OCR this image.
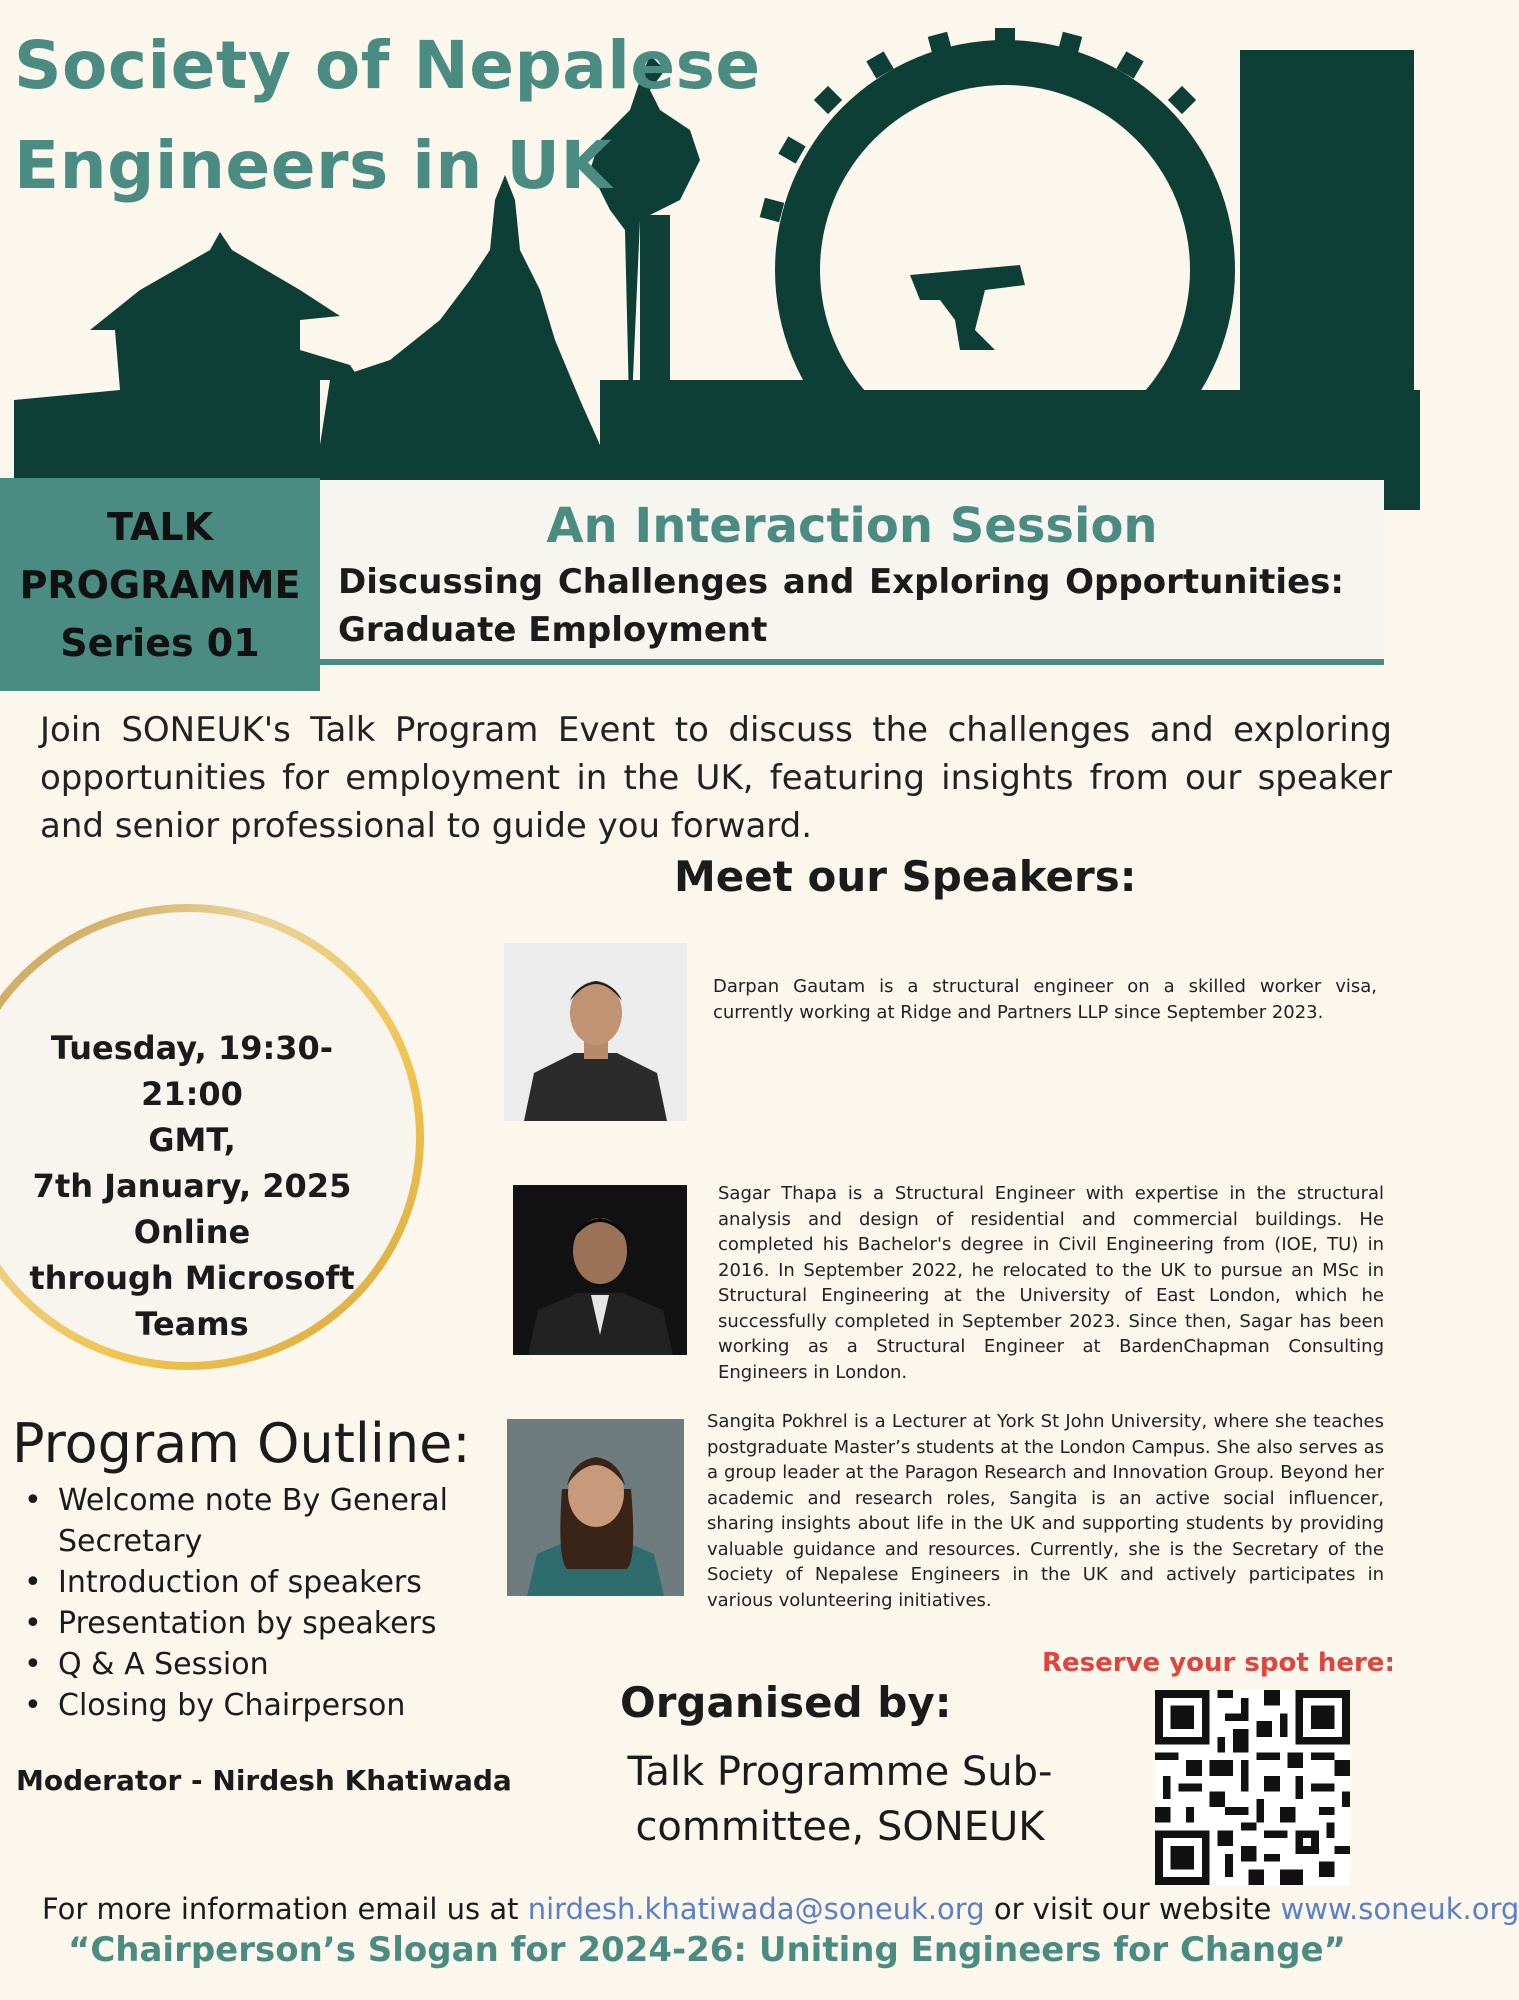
Society of Nepalese
Engineers in UK
TALK
PROGRAMME
Series 01
An Interaction Session
Discussing Challenges and Exploring Opportunities:
Graduate Employment

Join SONEUK's Talk Program Event to discuss the challenges and exploring opportunities for employment in the UK, featuring insights from our speaker and senior professional to guide you forward.

Meet our Speakers:
Tuesday, 19:30-21:00
GMT,
7th January, 2025
Online
through Microsoft
Teams

Darpan Gautam is a structural engineer on a skilled worker visa, currently working at Ridge and Partners LLP since September 2023.

Sagar Thapa is a Structural Engineer with expertise in the structural analysis and design of residential and commercial buildings. He completed his Bachelor's degree in Civil Engineering from (IOE, TU) in 2016. In September 2022, he relocated to the UK to pursue an MSc in Structural Engineering at the University of East London, which he successfully completed in September 2023. Since then, Sagar has been working as a Structural Engineer at BardenChapman Consulting Engineers in London.

Sangita Pokhrel is a Lecturer at York St John University, where she teaches postgraduate Master’s students at the London Campus. She also serves as a group leader at the Paragon Research and Innovation Group. Beyond her academic and research roles, Sangita is an active social influencer, sharing insights about life in the UK and supporting students by providing valuable guidance and resources. Currently, she is the Secretary of the Society of Nepalese Engineers in the UK and actively participates in various volunteering initiatives.

Program Outline:
• Welcome note By General Secretary
• Introduction of speakers
• Presentation by speakers
• Q & A Session
• Closing by Chairperson
Moderator - Nirdesh Khatiwada
Organised by:
Talk Programme Sub-
committee, SONEUK
Reserve your spot here:
For more information email us at nirdesh.khatiwada@soneuk.org or visit our website www.soneuk.org
“Chairperson’s Slogan for 2024-26: Uniting Engineers for Change”
